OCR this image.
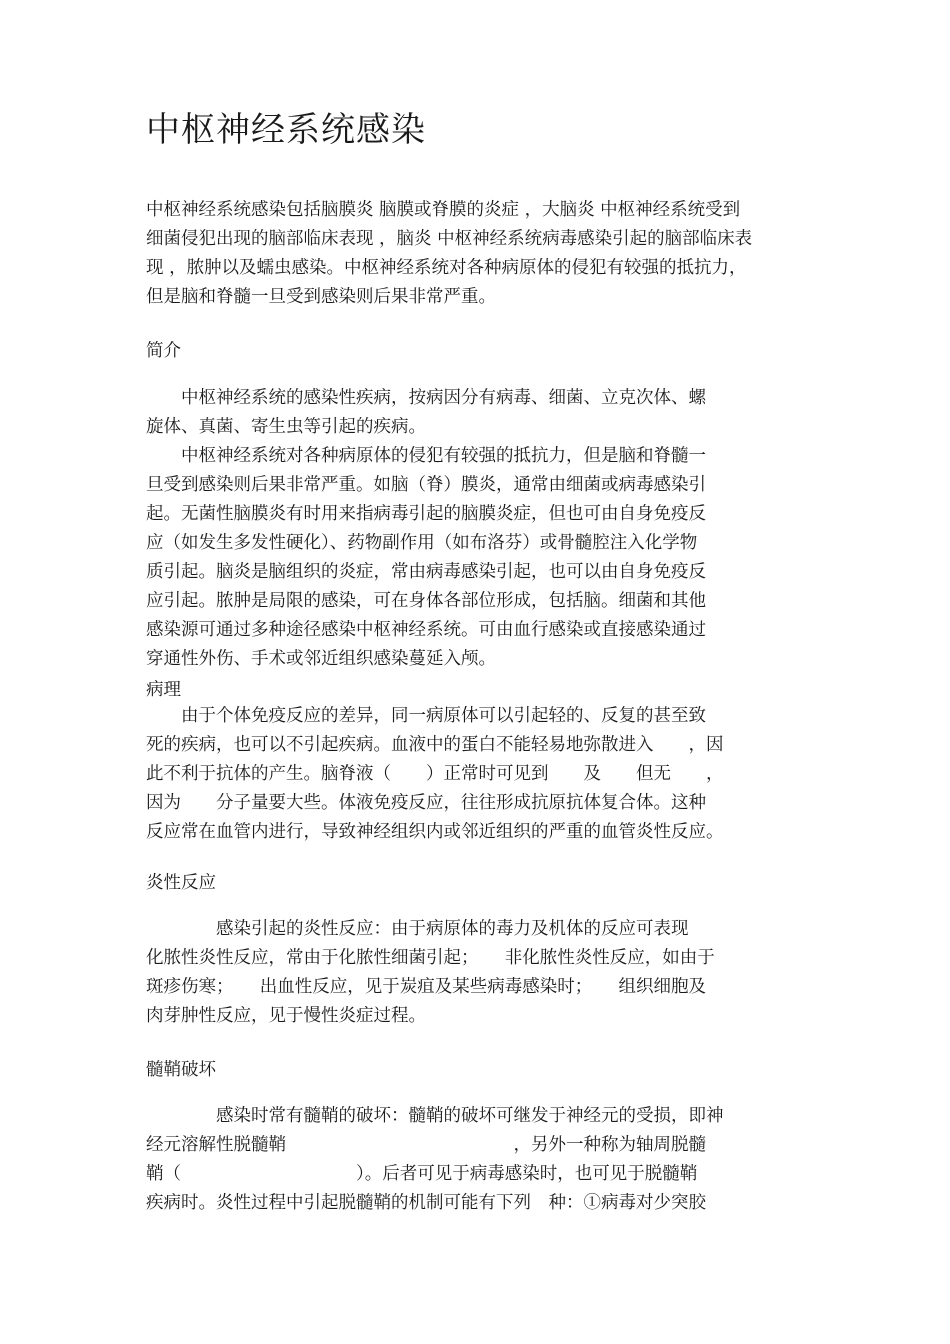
中枢神经系统感染
中枢神经系统感染包括脑膜炎 脑膜或脊膜的炎症 ，大脑炎 中枢神经系统受到
细菌侵犯出现的脑部临床表现 ，脑炎 中枢神经系统病毒感染引起的脑部临床表
现 ，脓肿以及蠕虫感染。中枢神经系统对各种病原体的侵犯有较强的抵抗力，
但是脑和脊髓一旦受到感染则后果非常严重。
简介
　　中枢神经系统的感染性疾病，按病因分有病毒、细菌、立克次体、螺
旋体、真菌、寄生虫等引起的疾病。
　　中枢神经系统对各种病原体的侵犯有较强的抵抗力，但是脑和脊髓一
旦受到感染则后果非常严重。如脑（脊）膜炎，通常由细菌或病毒感染引
起。无菌性脑膜炎有时用来指病毒引起的脑膜炎症，但也可由自身免疫反
应（如发生多发性硬化）、药物副作用（如布洛芬）或骨髓腔注入化学物
质引起。脑炎是脑组织的炎症，常由病毒感染引起，也可以由自身免疫反
应引起。脓肿是局限的感染，可在身体各部位形成，包括脑。细菌和其他
感染源可通过多种途径感染中枢神经系统。可由血行感染或直接感染通过
穿通性外伤、手术或邻近组织感染蔓延入颅。
病理
　　由于个体免疫反应的差异，同一病原体可以引起轻的、反复的甚至致
死的疾病，也可以不引起疾病。血液中的蛋白不能轻易地弥散进入　　，因
此不利于抗体的产生。脑脊液（　　）正常时可见到　　及　　但无　　，
因为　　分子量要大些。体液免疫反应，往往形成抗原抗体复合体。这种
反应常在血管内进行，导致神经组织内或邻近组织的严重的血管炎性反应。
炎性反应
　　　　感染引起的炎性反应：由于病原体的毒力及机体的反应可表现
化脓性炎性反应，常由于化脓性细菌引起；　　非化脓性炎性反应，如由于
斑疹伤寒；　　出血性反应，见于炭疽及某些病毒感染时；　　组织细胞及
肉芽肿性反应，见于慢性炎症过程。
髓鞘破坏
　　　　感染时常有髓鞘的破坏：髓鞘的破坏可继发于神经元的受损，即神
经元溶解性脱髓鞘　　　　　　　　　　　　　，另外一种称为轴周脱髓
鞘（　　　　　　　　　　）。后者可见于病毒感染时，也可见于脱髓鞘
疾病时。炎性过程中引起脱髓鞘的机制可能有下列　种：①病毒对少突胶
